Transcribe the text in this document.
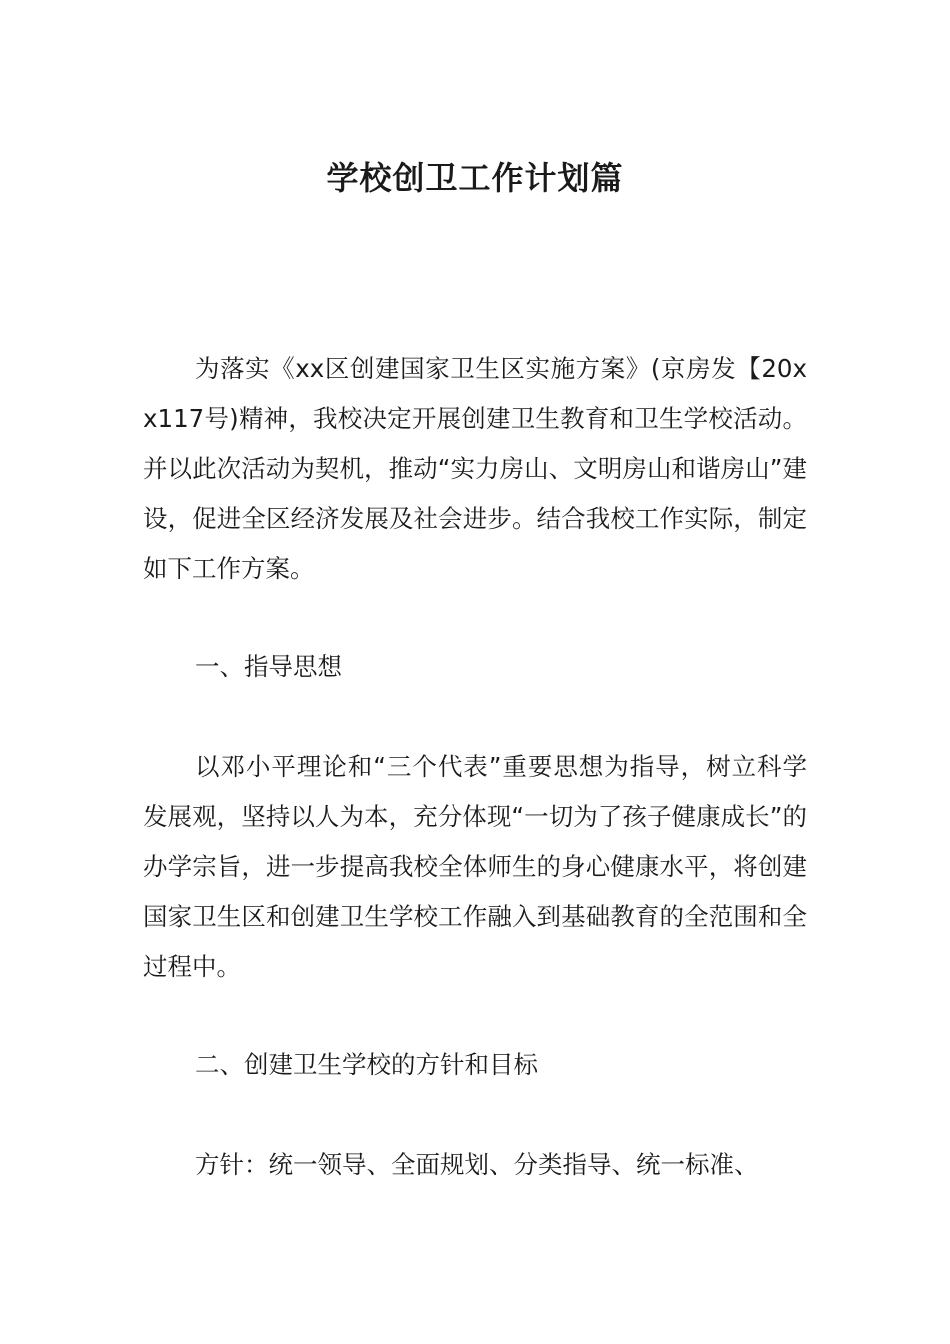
学校创卫工作计划篇

为落实《xx区创建国家卫生区实施方案》(京房发【20xx117号)精神，我校决定开展创建卫生教育和卫生学校活动。并以此次活动为契机，推动“实力房山、文明房山和谐房山”建设，促进全区经济发展及社会进步。结合我校工作实际，制定如下工作方案。

一、指导思想

以邓小平理论和“三个代表”重要思想为指导，树立科学发展观，坚持以人为本，充分体现“一切为了孩子健康成长”的办学宗旨，进一步提高我校全体师生的身心健康水平，将创建国家卫生区和创建卫生学校工作融入到基础教育的全范围和全过程中。

二、创建卫生学校的方针和目标

方针：统一领导、全面规划、分类指导、统一标准、
